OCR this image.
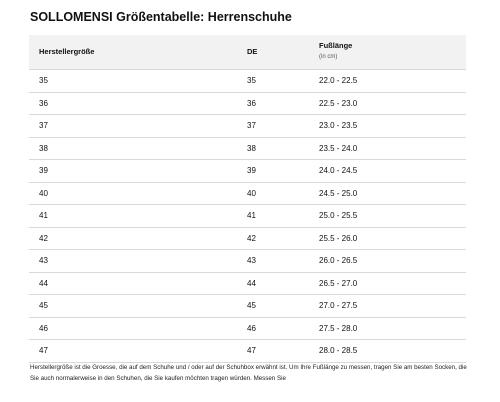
SOLLOMENSI Größentabelle: Herrenschuhe
Herstellergröße	DE	Fußlänge
(in cm)

35	35	22.0 - 22.5
36	36	22.5 - 23.0
37	37	23.0 - 23.5
38	38	23.5 - 24.0
39	39	24.0 - 24.5
40	40	24.5 - 25.0
41	41	25.0 - 25.5
42	42	25.5 - 26.0
43	43	26.0 - 26.5
44	44	26.5 - 27.0
45	45	27.0 - 27.5
46	46	27.5 - 28.0
47	47	28.0 - 28.5
Herstellergröße ist die Groesse, die auf dem Schuhe und / oder auf der Schuhbox erwähnt ist. Um Ihre Fußlänge zu messen, tragen Sie am besten Socken, die Sie auch normalerweise in den Schuhen, die Sie kaufen möchten tragen würden. Messen Sie
